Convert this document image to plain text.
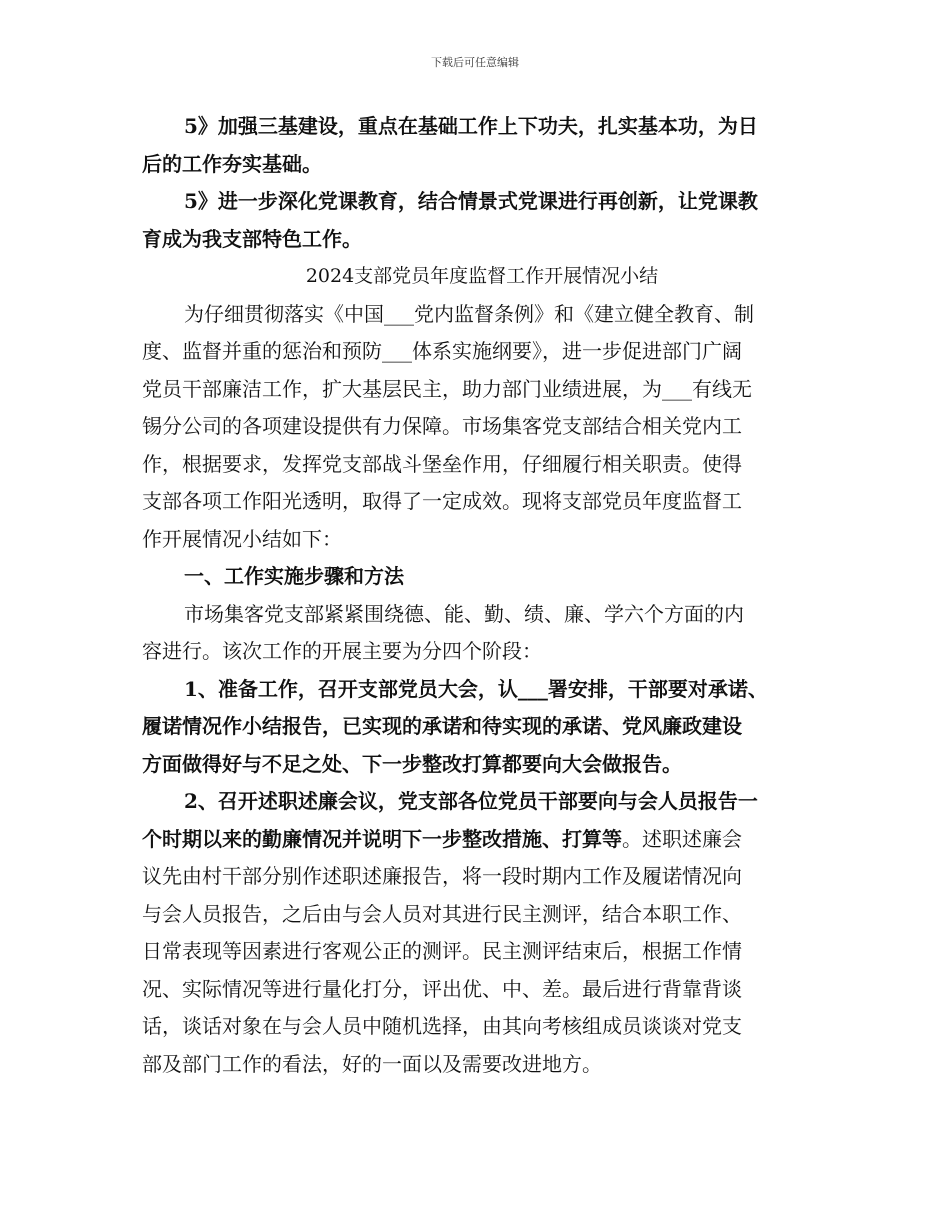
下载后可任意编辑
5》加强三基建设，重点在基础工作上下功夫，扎实基本功，为日
后的工作夯实基础。
5》进一步深化党课教育，结合情景式党课进行再创新，让党课教
育成为我支部特色工作。
2024支部党员年度监督工作开展情况小结
为仔细贯彻落实《中国___党内监督条例》和《建立健全教育、制
度、监督并重的惩治和预防___体系实施纲要》，进一步促进部门广阔
党员干部廉洁工作，扩大基层民主，助力部门业绩进展，为___有线无
锡分公司的各项建设提供有力保障。市场集客党支部结合相关党内工
作，根据要求，发挥党支部战斗堡垒作用，仔细履行相关职责。使得
支部各项工作阳光透明，取得了一定成效。现将支部党员年度监督工
作开展情况小结如下：
一、工作实施步骤和方法
市场集客党支部紧紧围绕德、能、勤、绩、廉、学六个方面的内
容进行。该次工作的开展主要为分四个阶段：
1、准备工作，召开支部党员大会，认___署安排，干部要对承诺、
履诺情况作小结报告，已实现的承诺和待实现的承诺、党风廉政建设
方面做得好与不足之处、下一步整改打算都要向大会做报告。
2、召开述职述廉会议，党支部各位党员干部要向与会人员报告一
个时期以来的勤廉情况并说明下一步整改措施、打算等。述职述廉会
议先由村干部分别作述职述廉报告，将一段时期内工作及履诺情况向
与会人员报告，之后由与会人员对其进行民主测评，结合本职工作、
日常表现等因素进行客观公正的测评。民主测评结束后，根据工作情
况、实际情况等进行量化打分，评出优、中、差。最后进行背靠背谈
话，谈话对象在与会人员中随机选择，由其向考核组成员谈谈对党支
部及部门工作的看法，好的一面以及需要改进地方。
